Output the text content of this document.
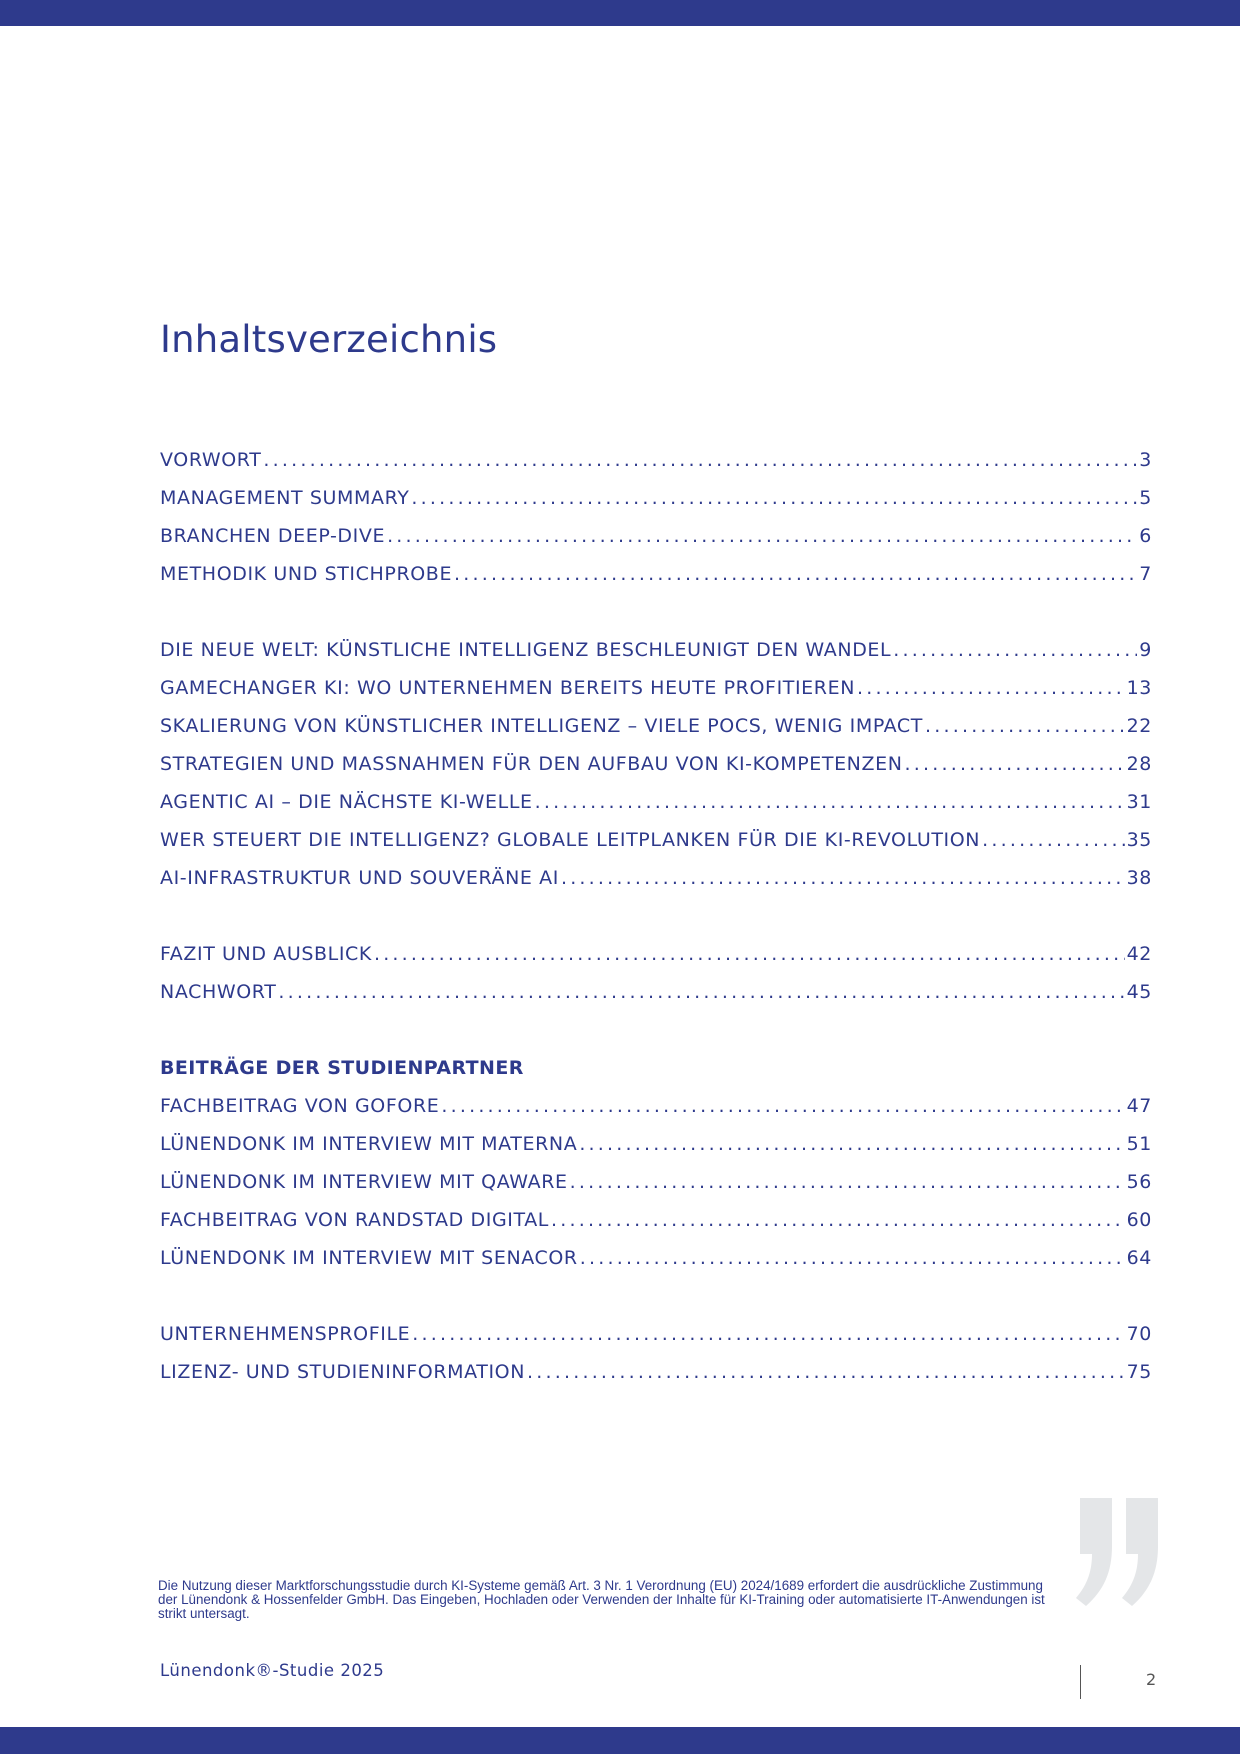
Inhaltsverzeichnis
VORWORT .....	3
MANAGEMENT SUMMARY .....	5
BRANCHEN DEEP-DIVE .....	6
METHODIK UND STICHPROBE .....	7
DIE NEUE WELT: KÜNSTLICHE INTELLIGENZ BESCHLEUNIGT DEN WANDEL .....	9
GAMECHANGER KI: WO UNTERNEHMEN BEREITS HEUTE PROFITIEREN .....	13
SKALIERUNG VON KÜNSTLICHER INTELLIGENZ – VIELE POCS, WENIG IMPACT .....	22
STRATEGIEN UND MASSNAHMEN FÜR DEN AUFBAU VON KI-KOMPETENZEN .....	28
AGENTIC AI – DIE NÄCHSTE KI-WELLE .....	31
WER STEUERT DIE INTELLIGENZ? GLOBALE LEITPLANKEN FÜR DIE KI-REVOLUTION .....	35
AI-INFRASTRUKTUR UND SOUVERÄNE AI .....	38
FAZIT UND AUSBLICK .....	42
NACHWORT .....	45
BEITRÄGE DER STUDIENPARTNER
FACHBEITRAG VON GOFORE .....	47
LÜNENDONK IM INTERVIEW MIT MATERNA .....	51
LÜNENDONK IM INTERVIEW MIT QAWARE .....	56
FACHBEITRAG VON RANDSTAD DIGITAL .....	60
LÜNENDONK IM INTERVIEW MIT SENACOR .....	64
UNTERNEHMENSPROFILE .....	70
LIZENZ- UND STUDIENINFORMATION .....	75

Die Nutzung dieser Marktforschungsstudie durch KI-Systeme gemäß Art. 3 Nr. 1 Verordnung (EU) 2024/1689 erfordert die ausdrückliche Zustimmung der Lünendonk & Hossenfelder GmbH. Das Eingeben, Hochladen oder Verwenden der Inhalte für KI-Training oder automatisierte IT-Anwendungen ist strikt untersagt.

Lünendonk®-Studie 2025	2
